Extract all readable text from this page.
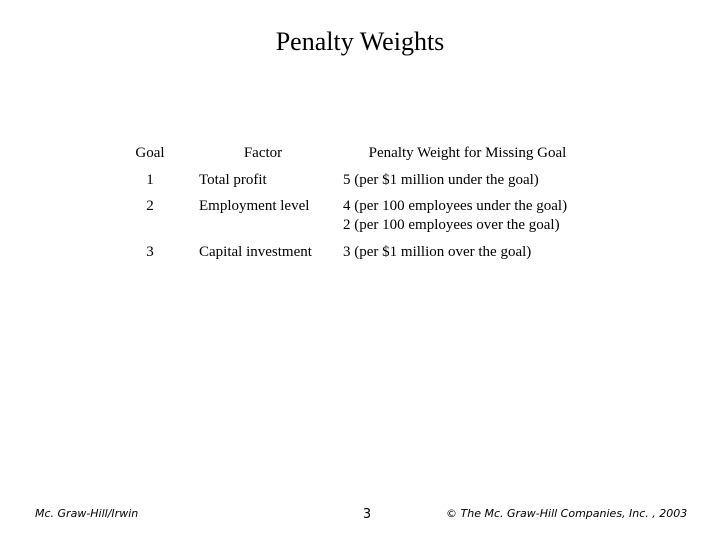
Penalty Weights
Goal	Factor	Penalty Weight for Missing Goal
1	Total profit	5 (per $1 million under the goal)
2	Employment level 4 (per 100 employees under the goal)
2 (per 100 employees over the goal)
3	Capital investment 3 (per $1 million over the goal)
Mc. Graw-Hill/Irwin	3	© The Mc. Graw-Hill Companies, Inc. , 2003
